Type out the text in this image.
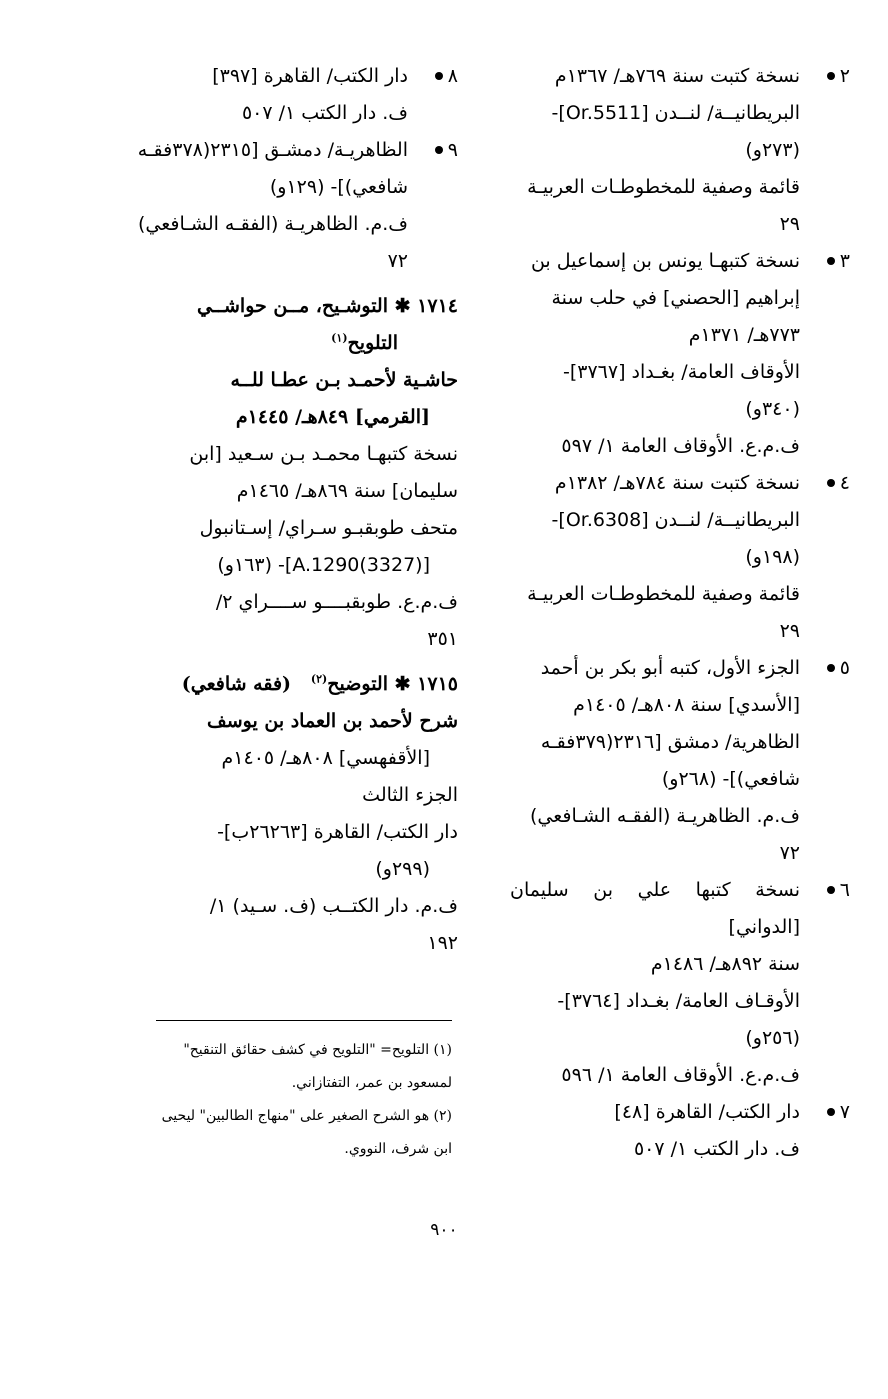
٢

نسخة كتبت سنة ٧٦٩هـ/ ١٣٦٧م

البريطانيــة/ لنــدن [Or.5511]-

(٢٧٣و)

قائمة وصفية للمخطوطـات العربيـة

٢٩

٣

نسخة كتبهـا يونس بن إسماعيل بن

إبراهيم [الحصني] في حلب سنة

٧٧٣هـ/ ١٣٧١م

الأوقاف العامة/ بغـداد [٣٧٦٧]-

(٣٤٠و)

ف.م.ع. الأوقاف العامة ١/ ٥٩٧

٤

نسخة كتبت سنة ٧٨٤هـ/ ١٣٨٢م

البريطانيــة/ لنــدن [Or.6308]-

(١٩٨و)

قائمة وصفية للمخطوطـات العربيـة

٢٩

٥

الجزء الأول، كتبه أبو بكر بن أحمد

[الأسدي] سنة ٨٠٨هـ/ ١٤٠٥م

الظاهرية/ دمشق [٢٣١٦(٣٧٩فقـه

شافعي)]- (٢٦٨و)

ف.م. الظاهريـة (الفقـه الشـافعي)

٧٢

٦

نسخة كتبها علي بن سليمان [الدواني]

سنة ٨٩٢هـ/ ١٤٨٦م

الأوقـاف العامة/ بغـداد [٣٧٦٤]-

(٢٥٦و)

ف.م.ع. الأوقاف العامة ١/ ٥٩٦

٧

دار الكتب/ القاهرة [٤٨]

ف. دار الكتب ١/ ٥٠٧

٨

دار الكتب/ القاهرة [٣٩٧]

ف. دار الكتب ١/ ٥٠٧

٩

الظاهريـة/ دمشـق [٢٣١٥(٣٧٨فقـه

شافعي)]- (١٢٩و)

ف.م. الظاهريـة (الفقـه الشـافعي)

٧٢

١٧١٤ ✱ التوشـيح، مــن حواشــي

التلويح$^{(١)}$

حاشـية لأحمـد بـن عطـا للــه

[القرمي] ٨٤٩هـ/ ١٤٤٥م

نسخة كتبهـا محمـد بـن سـعيد [ابن

سليمان] سنة ٨٦٩هـ/ ١٤٦٥م

متحف طوبقبـو سـراي/ إسـتانبول

[(3327)A.1290]- (١٦٣و)

ف.م.ع. طوبقبــــو ســــراي ٢/

٣٥١

١٧١٥ ✱ التوضيح$^{(٢)}$   (فقه شافعي)

شرح لأحمد بن العماد بن يوسف

[الأقفهسي] ٨٠٨هـ/ ١٤٠٥م

الجزء الثالث

دار الكتب/ القاهرة [٢٦٢٦٣ب]-

(٢٩٩و)

ف.م. دار الكتــب (ف. سـيد) ١/

١٩٢

(١) التلويح= "التلويح في كشف حقائق التنقيح"

لمسعود بن عمر، التفتازاني.

(٢) هو الشرح الصغير على "منهاج الطالبين" ليحيى

ابن شرف، النووي.

٩٠٠
